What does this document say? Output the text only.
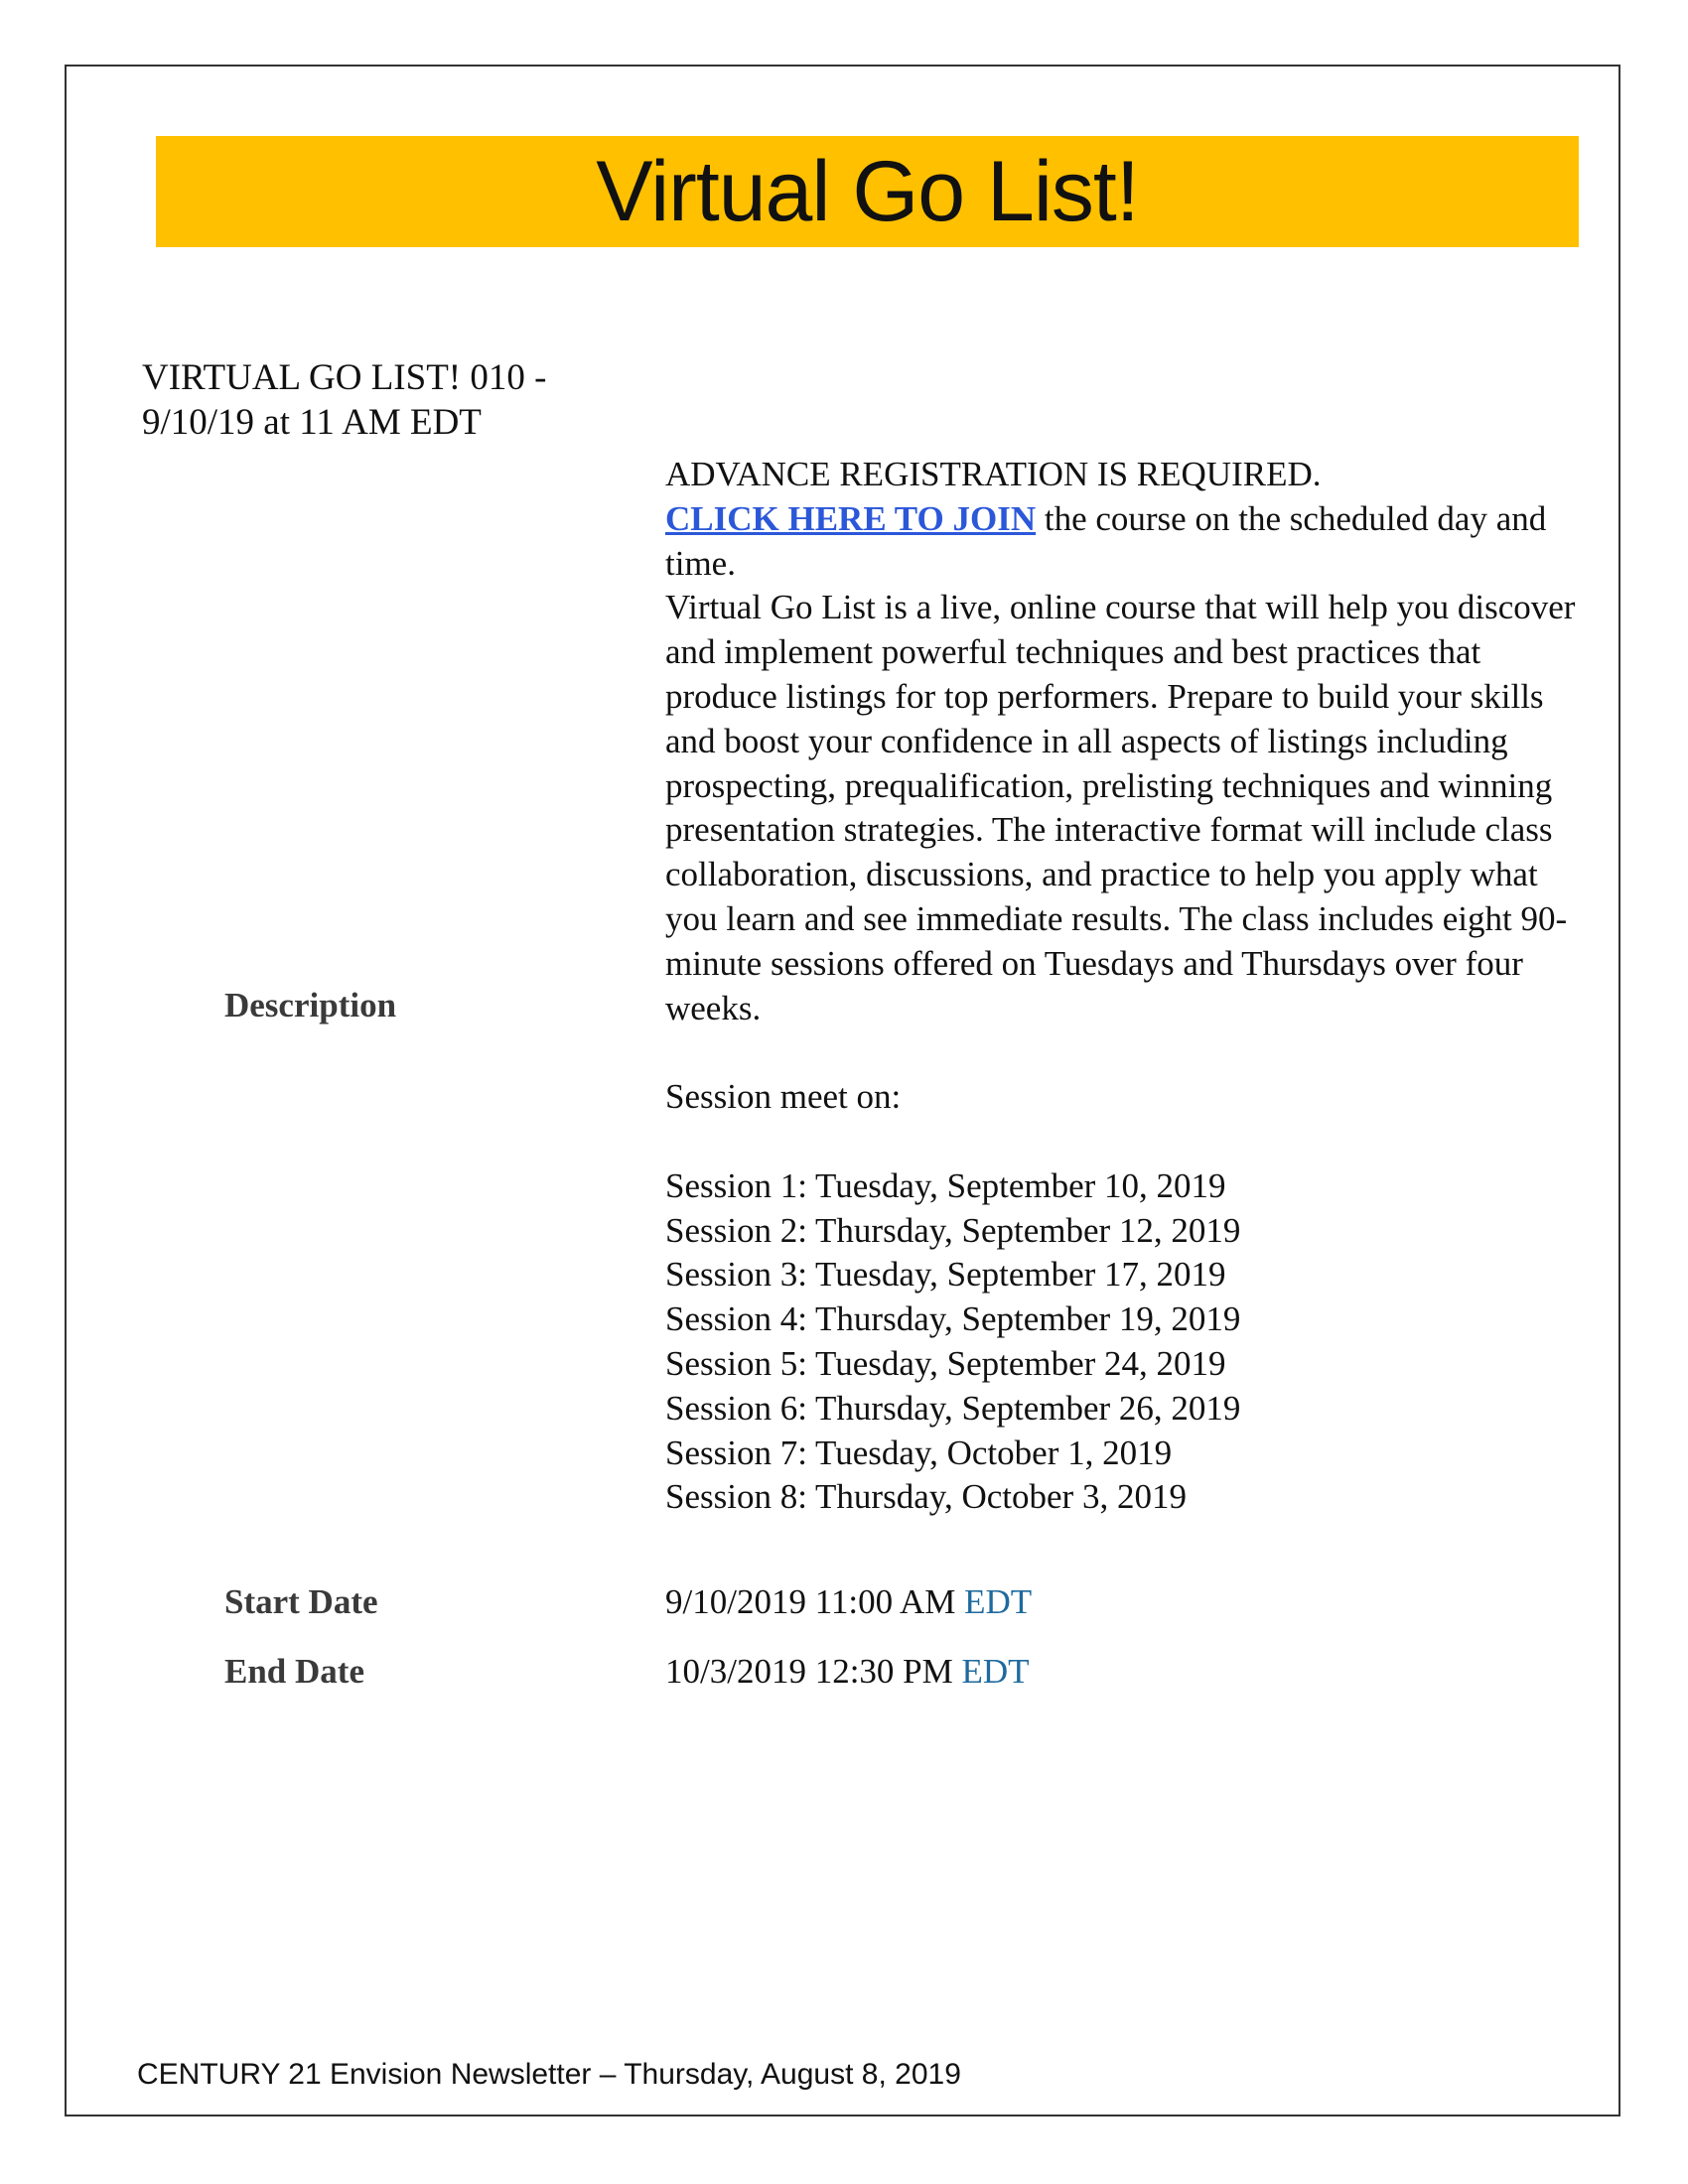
Virtual Go List!
VIRTUAL GO LIST! 010 -
9/10/19 at 11 AM EDT
Description

ADVANCE REGISTRATION IS REQUIRED.

CLICK HERE TO JOIN the course on the scheduled day and time.

Virtual Go List is a live, online course that will help you discover and implement powerful techniques and best practices that produce listings for top performers. Prepare to build your skills and boost your confidence in all aspects of listings including prospecting, prequalification, prelisting techniques and winning presentation strategies. The interactive format will include class collaboration, discussions, and practice to help you apply what you learn and see immediate results. The class includes eight 90-minute sessions offered on Tuesdays and Thursdays over four weeks.

Session meet on:

Session 1: Tuesday, September 10, 2019

Session 2: Thursday, September 12, 2019

Session 3: Tuesday, September 17, 2019

Session 4: Thursday, September 19, 2019

Session 5: Tuesday, September 24, 2019

Session 6: Thursday, September 26, 2019

Session 7: Tuesday, October 1, 2019

Session 8: Thursday, October 3, 2019

Start Date	9/10/2019 11:00 AM EDT
End Date	10/3/2019 12:30 PM EDT
CENTURY 21 Envision Newsletter – Thursday, August 8, 2019
